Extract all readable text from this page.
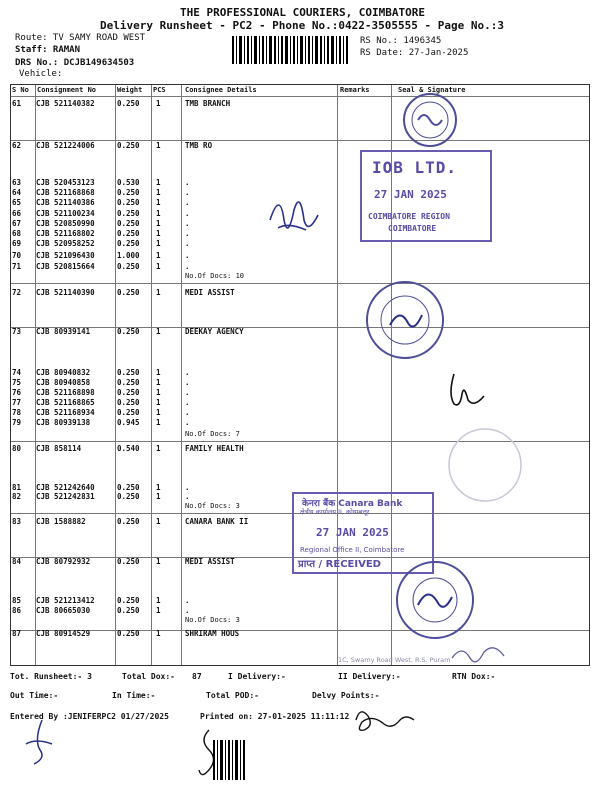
THE PROFESSIONAL COURIERS, COIMBATORE
Delivery Runsheet - PC2 - Phone No.:0422-3505555 - Page No.:3
Route: TV SAMY ROAD WEST
Staff: RAMAN
DRS No.: DCJB149634503
Vehicle:
RS No.: 1496345
RS Date: 27-Jan-2025
S No Consignment No	Weight PCS	Consignee Details	Remarks	Seal & Signature
61 CJB 521140382	0.250 1	TMB BRANCH
62 CJB 521224006	0.250 1	TMB RO
63 CJB 520453123	0.530 1	.
64 CJB 521168868	0.250 1	.
65 CJB 521140386	0.250 1	.
66 CJB 521100234	0.250 1	.
67 CJB 520850990	0.250 1	.
68 CJB 521168802	0.250 1	.
69 CJB 520958252	0.250 1	.
70 CJB 521096430	1.000 1	.
71 CJB 520815664	0.250 1	.
72 CJB 521140390	0.250 1	MEDI ASSIST
73 CJB 80939141	0.250 1	DEEKAY AGENCY
74 CJB 80940832	0.250 1	.
75 CJB 80940858	0.250 1	.
76 CJB 521168898	0.250 1	.
77 CJB 521168865	0.250 1	.
78 CJB 521168934	0.250 1	.
79 CJB 80939138	0.945 1	.
80 CJB 858114	0.540 1	FAMILY HEALTH
81 CJB 521242640	0.250 1	.
82 CJB 521242831	0.250 1	.
83 CJB 1588882	0.250 1	CANARA BANK II
84 CJB 80792932	0.250 1	MEDI ASSIST
85 CJB 521213412	0.250 1	.
86 CJB 80665030	0.250 1	.
87 CJB 80914529	0.250 1	SHRIRAM HOUS
No.Of Docs: 10
No.Of Docs: 7
No.Of Docs: 3
No.Of Docs: 3
IOB LTD.
27 JAN 2025
COIMBATORE REGION
COIMBATORE
केनरा बैंक Canara Bank
क्षेत्रीय कार्यालय II, कोयम्बत्तूर
27 JAN 2025
Regional Office II, Coimbatore
प्राप्त / RECEIVED
1C, Swamy Road West, R.S. Puram
Tot. Runsheet:- 3	Total Dox:- 87	I Delivery:-	II Delivery:-	RTN Dox:-
Out Time:-	In Time:-	Total POD:-	Delvy Points:-
Entered By :JENIFERPC2 01/27/2025	Printed on: 27-01-2025 11:11:12
